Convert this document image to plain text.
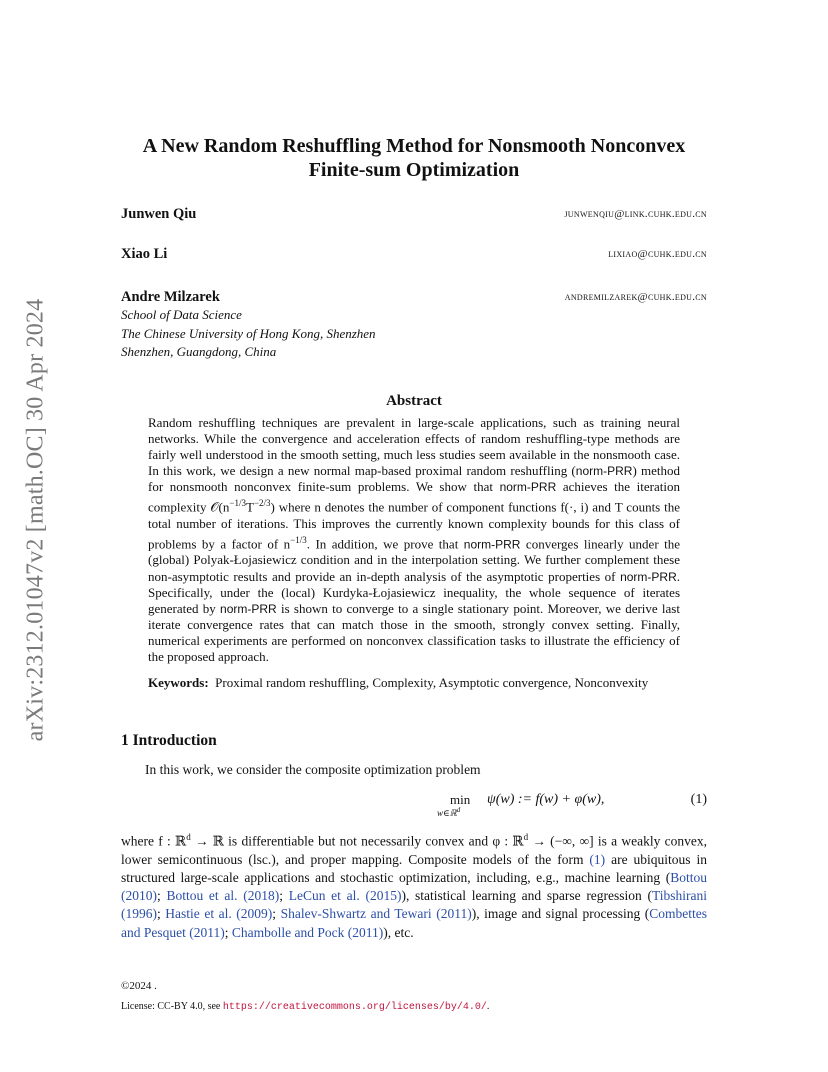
arXiv:2312.01047v2 [math.OC] 30 Apr 2024
A New Random Reshuffling Method for Nonsmooth Nonconvex
Finite-sum Optimization
Junwen Qiu	junwenqiu@link.cuhk.edu.cn
Xiao Li	lixiao@cuhk.edu.cn
Andre Milzarek	andremilzarek@cuhk.edu.cn
School of Data Science
The Chinese University of Hong Kong, Shenzhen
Shenzhen, Guangdong, China
Abstract
Random reshuffling techniques are prevalent in large-scale applications, such as training neural networks. While the convergence and acceleration effects of random reshuffling-type methods are fairly well understood in the smooth setting, much less studies seem available in the nonsmooth case. In this work, we design a new normal map-based proximal random reshuffling (norm-PRR) method for nonsmooth nonconvex finite-sum problems. We show that norm-PRR achieves the iteration complexity $𝒪(n^{-1/3}T^{-2/3})$ where n denotes the number of component functions f(·, i) and T counts the total number of iterations. This improves the currently known complexity bounds for this class of problems by a factor of $n^{-1/3}$. In addition, we prove that norm-PRR converges linearly under the (global) Polyak-Łojasiewicz condition and in the interpolation setting. We further complement these non-asymptotic results and provide an in-depth analysis of the asymptotic properties of norm-PRR. Specifically, under the (local) Kurdyka-Łojasiewicz inequality, the whole sequence of iterates generated by norm-PRR is shown to converge to a single stationary point. Moreover, we derive last iterate convergence rates that can match those in the smooth, strongly convex setting. Finally, numerical experiments are performed on nonconvex classification tasks to illustrate the efficiency of the proposed approach.
Keywords: Proximal random reshuffling, Complexity, Asymptotic convergence, Nonconvexity
1 Introduction
In this work, we consider the composite optimization problem
min
w∈ℝ$^d$
ψ(w) := f(w) + φ(w),	(1)
where f : ℝ$^d$ → ℝ is differentiable but not necessarily convex and φ : ℝ$^d$ → (−∞, ∞] is a weakly convex, lower semicontinuous (lsc.), and proper mapping. Composite models of the form (1) are ubiquitous in structured large-scale applications and stochastic optimization, including, e.g., machine learning (Bottou (2010); Bottou et al. (2018); LeCun et al. (2015)), statistical learning and sparse regression (Tibshirani (1996); Hastie et al. (2009); Shalev-Shwartz and Tewari (2011)), image and signal processing (Combettes and Pesquet (2011); Chambolle and Pock (2011)), etc.
©2024 .
License: CC-BY 4.0, see https://creativecommons.org/licenses/by/4.0/.
